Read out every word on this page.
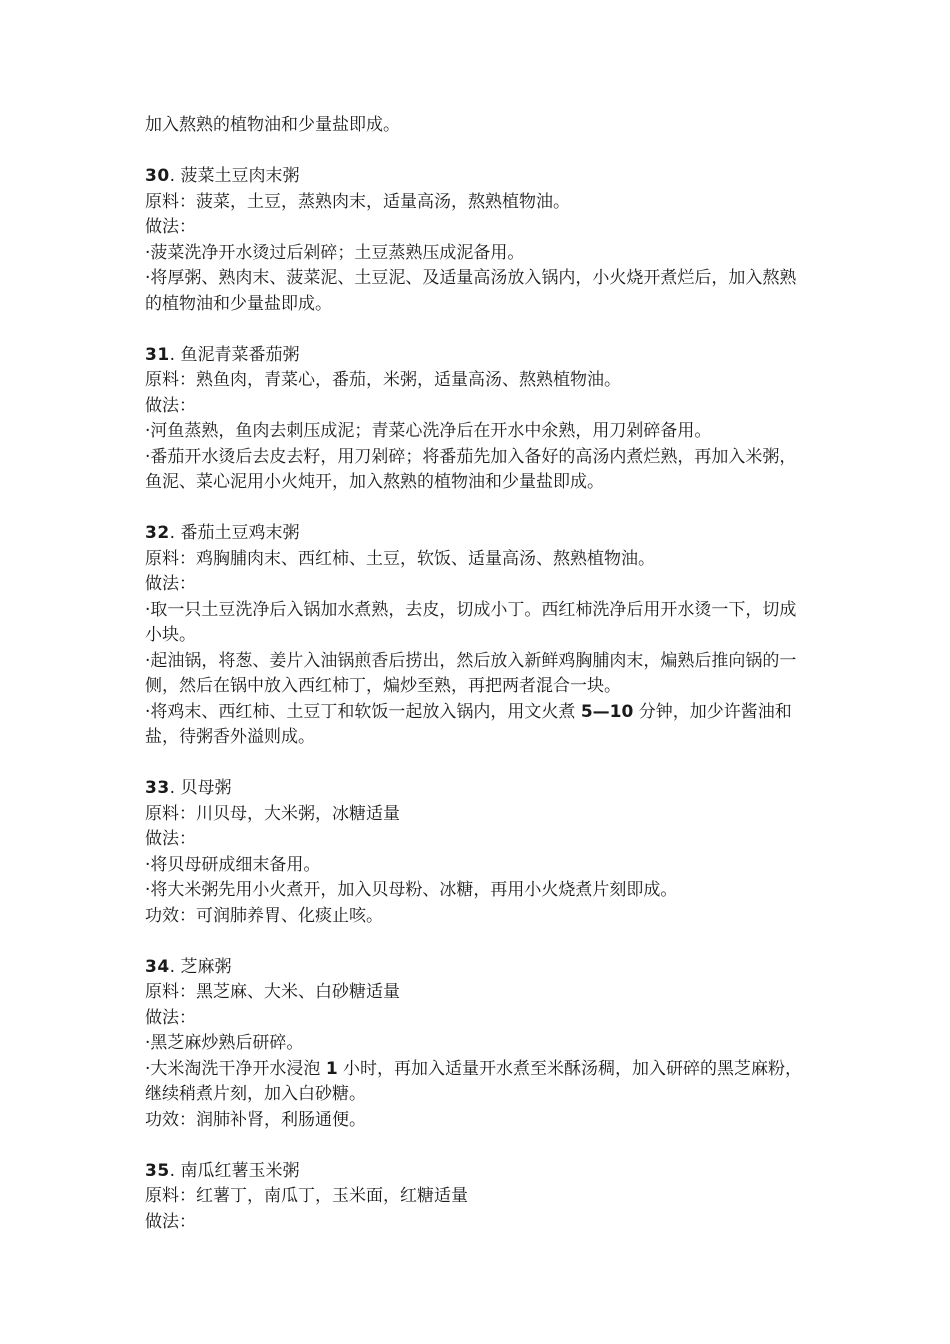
加入熬熟的植物油和少量盐即成。

30. 菠菜土豆肉末粥

原料：菠菜，土豆，蒸熟肉末，适量高汤，熬熟植物油。

做法：

·菠菜洗净开水烫过后剁碎；土豆蒸熟压成泥备用。

·将厚粥、熟肉末、菠菜泥、土豆泥、及适量高汤放入锅内，小火烧开煮烂后，加入熬熟的植物油和少量盐即成。

31. 鱼泥青菜番茄粥

原料：熟鱼肉，青菜心，番茄，米粥，适量高汤、熬熟植物油。

做法：

·河鱼蒸熟，鱼肉去刺压成泥；青菜心洗净后在开水中氽熟，用刀剁碎备用。

·番茄开水烫后去皮去籽，用刀剁碎；将番茄先加入备好的高汤内煮烂熟，再加入米粥，鱼泥、菜心泥用小火炖开，加入熬熟的植物油和少量盐即成。

32. 番茄土豆鸡末粥

原料：鸡胸脯肉末、西红柿、土豆，软饭、适量高汤、熬熟植物油。

做法：

·取一只土豆洗净后入锅加水煮熟，去皮，切成小丁。西红柿洗净后用开水烫一下，切成小块。

·起油锅，将葱、姜片入油锅煎香后捞出，然后放入新鲜鸡胸脯肉末，煸熟后推向锅的一侧，然后在锅中放入西红柿丁，煸炒至熟，再把两者混合一块。

·将鸡末、西红柿、土豆丁和软饭一起放入锅内，用文火煮 5—10 分钟，加少许酱油和盐，待粥香外溢则成。

33. 贝母粥

原料：川贝母，大米粥，冰糖适量

做法：

·将贝母研成细末备用。

·将大米粥先用小火煮开，加入贝母粉、冰糖，再用小火烧煮片刻即成。

功效：可润肺养胃、化痰止咳。

34. 芝麻粥

原料：黑芝麻、大米、白砂糖适量

做法：

·黑芝麻炒熟后研碎。

·大米淘洗干净开水浸泡 1 小时，再加入适量开水煮至米酥汤稠，加入研碎的黑芝麻粉，继续稍煮片刻，加入白砂糖。

功效：润肺补肾，利肠通便。

35. 南瓜红薯玉米粥

原料：红薯丁，南瓜丁，玉米面，红糖适量

做法：
